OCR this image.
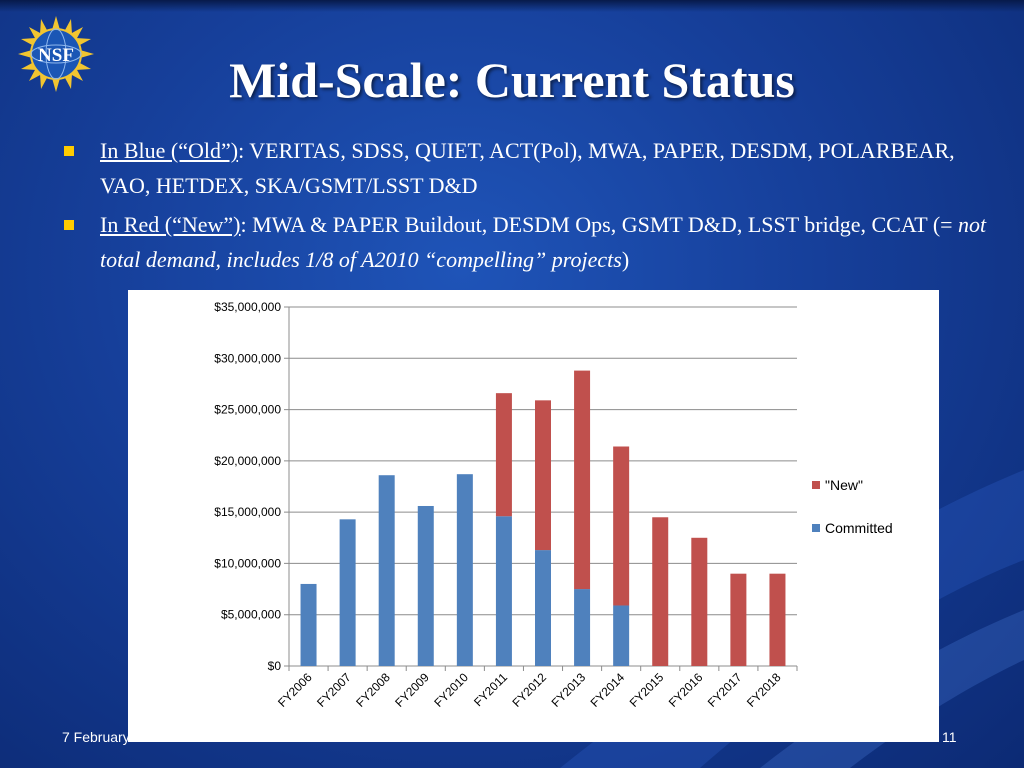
NSF	Mid-Scale: Current Status
In Blue (“Old”): VERITAS, SDSS, QUIET, ACT(Pol), MWA, PAPER, DESDM, POLARBEAR, VAO, HETDEX, SKA/GSMT/LSST D&D
In Red (“New”): MWA & PAPER Buildout, DESDM Ops, GSMT D&D, LSST bridge, CCAT (= not total demand, includes 1/8 of A2010 “compelling” projects)
$0
$5,000,000
$10,000,000
$15,000,000
$20,000,000
$25,000,000
$30,000,000
$35,000,000
FY2006 FY2007 FY2008 FY2009 FY2010 FY2011 FY2012 FY2013 FY2014 FY2015 FY2016 FY2017 FY2018
"New"
Committed
7 February 2011	AST COV Astro2010	11
